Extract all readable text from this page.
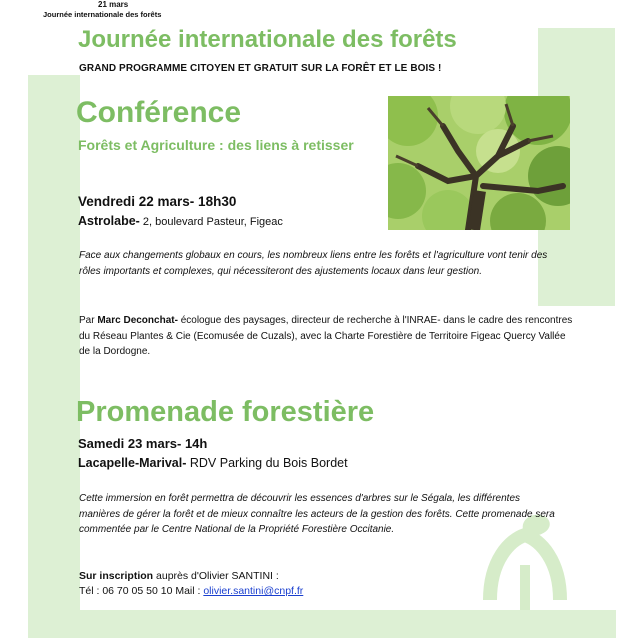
21 mars
Journée internationale des forêts
Journée internationale des forêts
GRAND PROGRAMME CITOYEN ET GRATUIT SUR LA FORÊT ET LE BOIS !
Conférence
Forêts et Agriculture : des liens à retisser
Vendredi 22 mars- 18h30
Astrolabe- 2, boulevard Pasteur, Figeac
Face aux changements globaux en cours, les nombreux liens entre les forêts et l'agriculture vont tenir des rôles importants et complexes, qui nécessiteront des ajustements locaux dans leur gestion.
Par Marc Deconchat- écologue des paysages, directeur de recherche à l'INRAE- dans le cadre des rencontres du Réseau Plantes & Cie (Ecomusée de Cuzals), avec la Charte Forestière de Territoire Figeac Quercy Vallée de la Dordogne.
Promenade forestière
Samedi 23 mars- 14h
Lacapelle-Marival- RDV Parking du Bois Bordet
Cette immersion en forêt permettra de découvrir les essences d'arbres sur le Ségala, les différentes manières de gérer la forêt et de mieux connaître les acteurs de la gestion des forêts. Cette promenade sera commentée par le Centre National de la Propriété Forestière Occitanie.
Sur inscription auprès d'Olivier SANTINI :
Tél : 06 70 05 50 10 Mail : olivier.santini@cnpf.fr
